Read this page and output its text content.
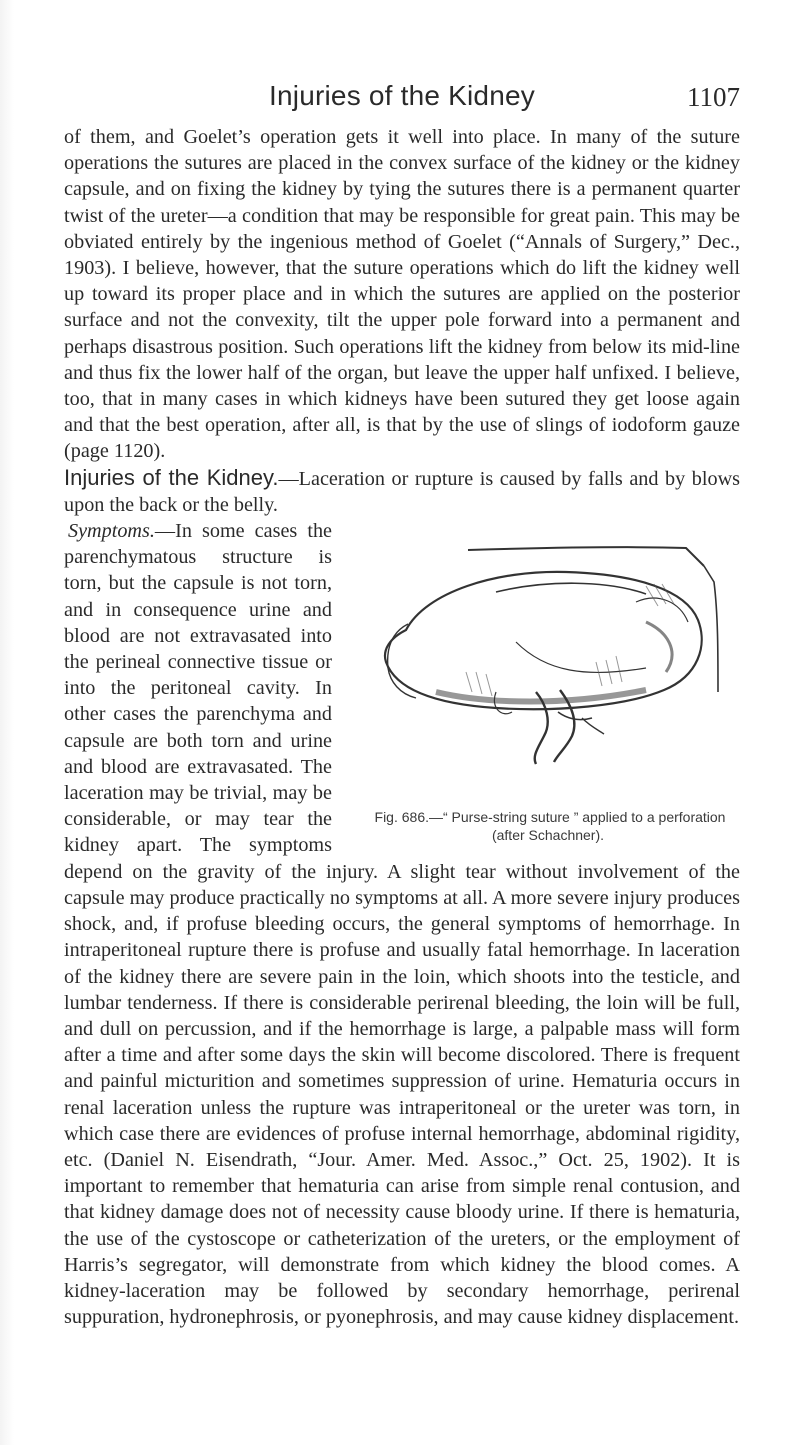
Injuries of the Kidney	1107

of them, and Goelet’s operation gets it well into place. In many of the suture operations the sutures are placed in the convex surface of the kidney or the kidney capsule, and on fixing the kidney by tying the sutures there is a permanent quarter twist of the ureter—a condition that may be responsible for great pain. This may be obviated entirely by the ingenious method of Goelet (“Annals of Surgery,” Dec., 1903). I believe, however, that the suture operations which do lift the kidney well up toward its proper place and in which the sutures are applied on the posterior surface and not the convexity, tilt the upper pole forward into a permanent and perhaps disastrous position. Such operations lift the kidney from below its mid-line and thus fix the lower half of the organ, but leave the upper half unfixed. I believe, too, that in many cases in which kidneys have been sutured they get loose again and that the best operation, after all, is that by the use of slings of iodoform gauze (page 1120).

Injuries of the Kidney.—Laceration or rupture is caused by falls and by blows upon the back or the belly.

Fig. 686.—“ Purse-string suture ” applied to a perforation (after Schachner).
Symptoms.—In some cases the parenchymatous structure is torn, but the capsule is not torn, and in consequence urine and blood are not extravasated into the perineal connective tissue or into the peritoneal cavity. In other cases the parenchyma and capsule are both torn and urine and blood are extravasated. The laceration may be trivial, may be considerable, or may tear the kidney apart. The symptoms depend on the gravity of the injury. A slight tear without involvement of the capsule may produce practically no symptoms at all. A more severe injury produces shock, and, if profuse bleeding occurs, the general symptoms of hemorrhage. In intraperitoneal rupture there is profuse and usually fatal hemorrhage. In laceration of the kidney there are severe pain in the loin, which shoots into the testicle, and lumbar tenderness. If there is considerable perirenal bleeding, the loin will be full, and dull on percussion, and if the hemorrhage is large, a palpable mass will form after a time and after some days the skin will become discolored. There is frequent and painful micturition and sometimes suppression of urine. Hematuria occurs in renal laceration unless the rupture was intraperitoneal or the ureter was torn, in which case there are evidences of profuse internal hemorrhage, abdominal rigidity, etc. (Daniel N. Eisendrath, “Jour. Amer. Med. Assoc.,” Oct. 25, 1902). It is important to remember that hematuria can arise from simple renal contusion, and that kidney damage does not of necessity cause bloody urine. If there is hematuria, the use of the cystoscope or catheterization of the ureters, or the employment of Harris’s segregator, will demonstrate from which kidney the blood comes. A kidney-laceration may be followed by secondary hemorrhage, perirenal suppuration, hydronephrosis, or pyonephrosis, and may cause kidney displacement.
